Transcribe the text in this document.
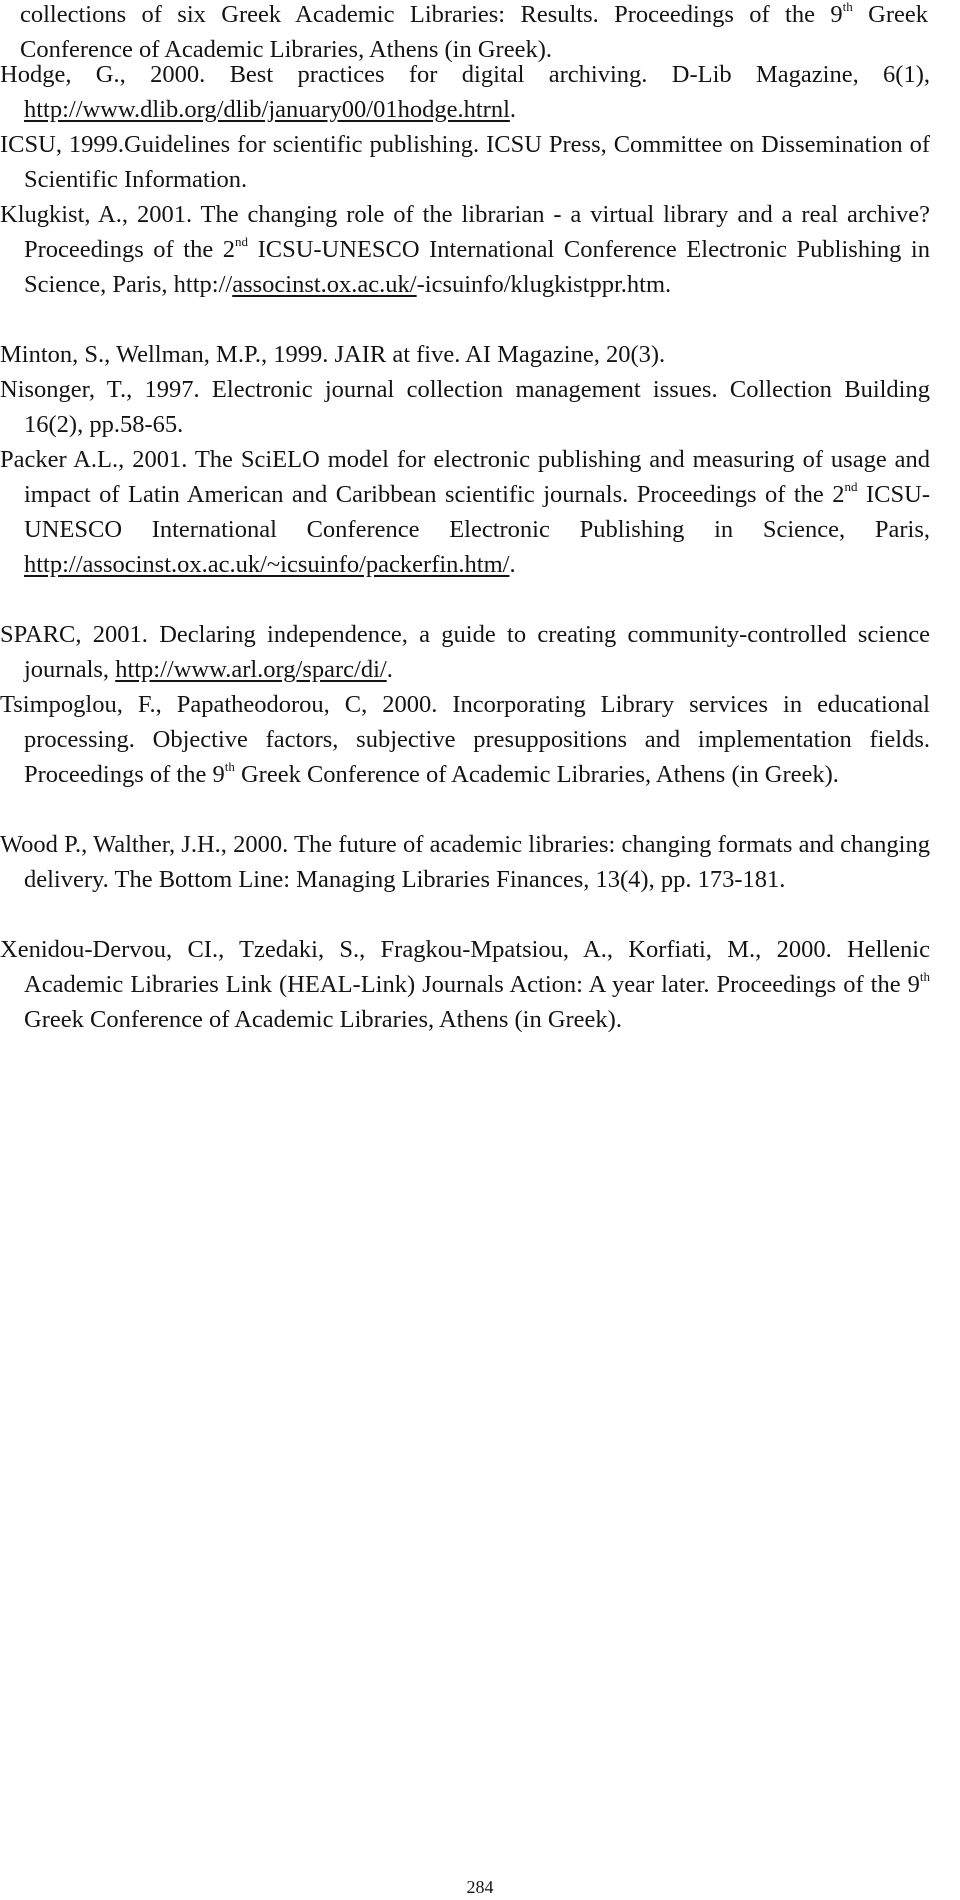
collections of six Greek Academic Libraries: Results. Proceedings of the 9th Greek Conference of Academic Libraries, Athens (in Greek).

Hodge, G., 2000. Best practices for digital archiving. D-Lib Magazine, 6(1), http://www.dlib.org/dlib/january00/01hodge.htrnl.

ICSU, 1999.Guidelines for scientific publishing. ICSU Press, Committee on Dissemination of Scientific Information.

Klugkist, A., 2001. The changing role of the librarian - a virtual library and a real archive? Proceedings of the 2nd ICSU-UNESCO International Conference Electronic Publishing in Science, Paris, http://associnst.ox.ac.uk/-icsuinfo/klugkistppr.htm.

Minton, S., Wellman, M.P., 1999. JAIR at five. AI Magazine, 20(3).

Nisonger, T., 1997. Electronic journal collection management issues. Collection Building 16(2), pp.58-65.

Packer A.L., 2001. The SciELO model for electronic publishing and measuring of usage and impact of Latin American and Caribbean scientific journals. Proceedings of the 2nd ICSU-UNESCO International Conference Electronic Publishing in Science, Paris, http://associnst.ox.ac.uk/~icsuinfo/packerfin.htm/.

SPARC, 2001. Declaring independence, a guide to creating community-controlled science journals, http://www.arl.org/sparc/di/.

Tsimpoglou, F., Papatheodorou, C, 2000. Incorporating Library services in educational processing. Objective factors, subjective presuppositions and implementation fields. Proceedings of the 9th Greek Conference of Academic Libraries, Athens (in Greek).

Wood P., Walther, J.H., 2000. The future of academic libraries: changing formats and changing delivery. The Bottom Line: Managing Libraries Finances, 13(4), pp. 173-181.

Xenidou-Dervou, CI., Tzedaki, S., Fragkou-Mpatsiou, A., Korfiati, M., 2000. Hellenic Academic Libraries Link (HEAL-Link) Journals Action: A year later. Proceedings of the 9th Greek Conference of Academic Libraries, Athens (in Greek).

284
